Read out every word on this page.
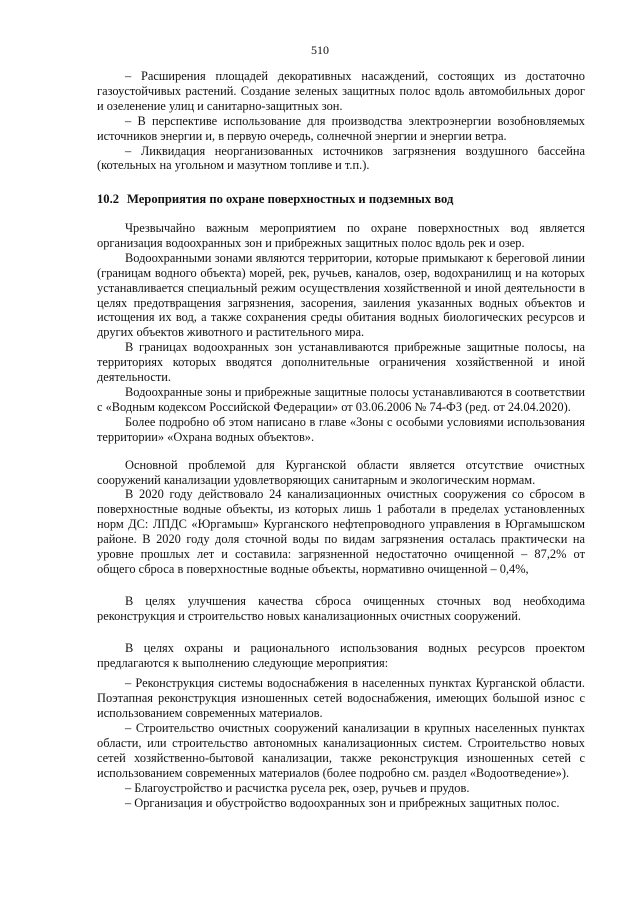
510

– Расширения площадей декоративных насаждений, состоящих из достаточно газоустойчивых растений. Создание зеленых защитных полос вдоль автомобильных дорог и озеленение улиц и санитарно-защитных зон.

– В перспективе использование для производства электроэнергии возобновляемых источников энергии и, в первую очередь, солнечной энергии и энергии ветра.

– Ликвидация неорганизованных источников загрязнения воздушного бассейна (котельных на угольном и мазутном топливе и т.п.).

10.2 Мероприятия по охране поверхностных и подземных вод

Чрезвычайно важным мероприятием по охране поверхностных вод является организация водоохранных зон и прибрежных защитных полос вдоль рек и озер.

Водоохранными зонами являются территории, которые примыкают к береговой линии (границам водного объекта) морей, рек, ручьев, каналов, озер, водохранилищ и на которых устанавливается специальный режим осуществления хозяйственной и иной деятельности в целях предотвращения загрязнения, засорения, заиления указанных водных объектов и истощения их вод, а также сохранения среды обитания водных биологических ресурсов и других объектов животного и растительного мира.

В границах водоохранных зон устанавливаются прибрежные защитные полосы, на территориях которых вводятся дополнительные ограничения хозяйственной и иной деятельности.

Водоохранные зоны и прибрежные защитные полосы устанавливаются в соответствии с «Водным кодексом Российской Федерации» от 03.06.2006 № 74-ФЗ (ред. от 24.04.2020).

Более подробно об этом написано в главе «Зоны с особыми условиями использования территории» «Охрана водных объектов».

Основной проблемой для Курганской области является отсутствие очистных сооружений канализации удовлетворяющих санитарным и экологическим нормам.

В 2020 году действовало 24 канализационных очистных сооружения со сбросом в поверхностные водные объекты, из которых лишь 1 работали в пределах установленных норм ДС: ЛПДС «Юргамыш» Курганского нефтепроводного управления в Юргамышском районе. В 2020 году доля сточной воды по видам загрязнения осталась практически на уровне прошлых лет и составила: загрязненной недостаточно очищенной – 87,2% от общего сброса в поверхностные водные объекты, нормативно очищенной – 0,4%,

В целях улучшения качества сброса очищенных сточных вод необходима реконструкция и строительство новых канализационных очистных сооружений.

В целях охраны и рационального использования водных ресурсов проектом предлагаются к выполнению следующие мероприятия:

– Реконструкция системы водоснабжения в населенных пунктах Курганской области. Поэтапная реконструкция изношенных сетей водоснабжения, имеющих большой износ с использованием современных материалов.

– Строительство очистных сооружений канализации в крупных населенных пунктах области, или строительство автономных канализационных систем. Строительство новых сетей хозяйственно-бытовой канализации, также реконструкция изношенных сетей с использованием современных материалов (более подробно см. раздел «Водоотведение»).

– Благоустройство и расчистка русела рек, озер, ручьев и прудов.

– Организация и обустройство водоохранных зон и прибрежных защитных полос.
